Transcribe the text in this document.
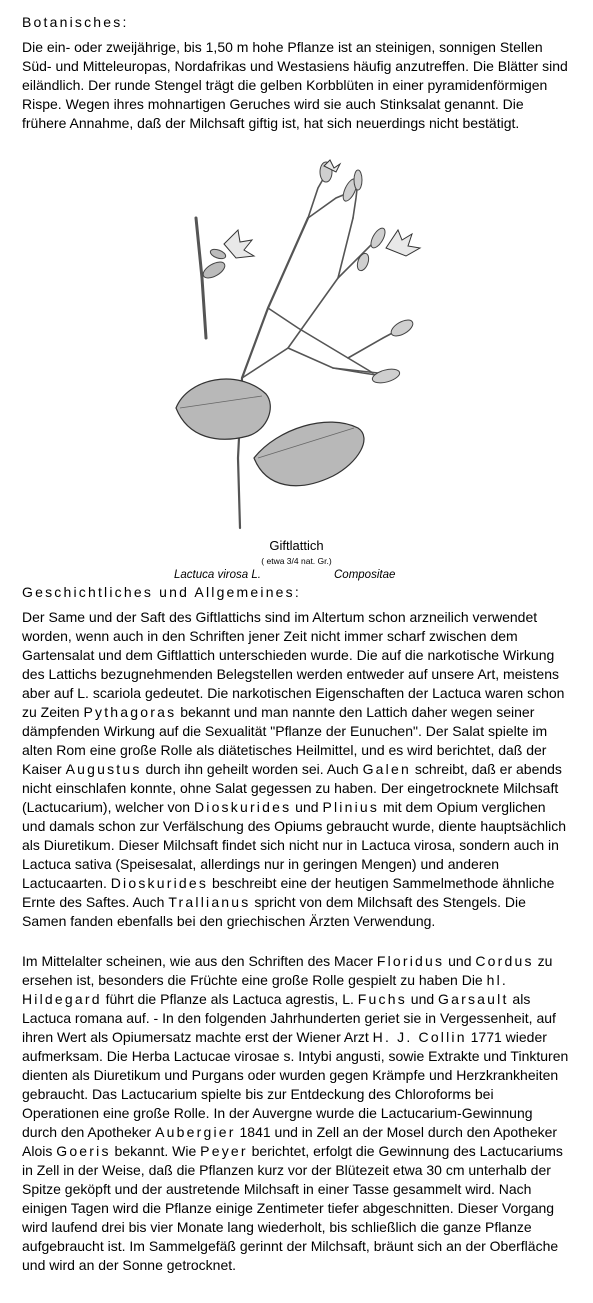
Botanisches:

Die ein- oder zweijährige, bis 1,50 m hohe Pflanze ist an steinigen, sonnigen Stellen Süd- und Mitteleuropas, Nordafrikas und Westasiens häufig anzutreffen. Die Blätter sind eiländlich. Der runde Stengel trägt die gelben Korbblüten in einer pyramidenförmigen Rispe. Wegen ihres mohnartigen Geruches wird sie auch Stinksalat genannt. Die frühere Annahme, daß der Milchsaft giftig ist, hat sich neuerdings nicht bestätigt.

Giftlattich
( etwa 3/4 nat. Gr.)
Lactuca virosa L.	Compositae
Geschichtliches und Allgemeines:

Der Same und der Saft des Giftlattichs sind im Altertum schon arzneilich verwendet worden, wenn auch in den Schriften jener Zeit nicht immer scharf zwischen dem Gartensalat und dem Giftlattich unterschieden wurde. Die auf die narkotische Wirkung des Lattichs bezugnehmenden Belegstellen werden entweder auf unsere Art, meistens aber auf L. scariola gedeutet. Die narkotischen Eigenschaften der Lactuca waren schon zu Zeiten Pythagoras bekannt und man nannte den Lattich daher wegen seiner dämpfenden Wirkung auf die Sexualität "Pflanze der Eunuchen". Der Salat spielte im alten Rom eine große Rolle als diätetisches Heilmittel, und es wird berichtet, daß der Kaiser Augustus durch ihn geheilt worden sei. Auch Galen schreibt, daß er abends nicht einschlafen konnte, ohne Salat gegessen zu haben. Der eingetrocknete Milchsaft (Lactucarium), welcher von Dioskurides und Plinius mit dem Opium verglichen und damals schon zur Verfälschung des Opiums gebraucht wurde, diente hauptsächlich als Diuretikum. Dieser Milchsaft findet sich nicht nur in Lactuca virosa, sondern auch in Lactuca sativa (Speisesalat, allerdings nur in geringen Mengen) und anderen Lactucaarten. Dioskurides beschreibt eine der heutigen Sammelmethode ähnliche Ernte des Saftes. Auch Trallianus spricht von dem Milchsaft des Stengels. Die Samen fanden ebenfalls bei den griechischen Ärzten Verwendung.

Im Mittelalter scheinen, wie aus den Schriften des Macer Floridus und Cordus zu ersehen ist, besonders die Früchte eine große Rolle gespielt zu haben Die hl. Hildegard führt die Pflanze als Lactuca agrestis, L. Fuchs und Garsault als Lactuca romana auf. - In den folgenden Jahrhunderten geriet sie in Vergessenheit, auf ihren Wert als Opiumersatz machte erst der Wiener Arzt H. J. Collin 1771 wieder aufmerksam. Die Herba Lactucae virosae s. Intybi angusti, sowie Extrakte und Tinkturen dienten als Diuretikum und Purgans oder wurden gegen Krämpfe und Herzkrankheiten gebraucht. Das Lactucarium spielte bis zur Entdeckung des Chloroforms bei Operationen eine große Rolle. In der Auvergne wurde die Lactucarium-Gewinnung durch den Apotheker Aubergier 1841 und in Zell an der Mosel durch den Apotheker Alois Goeris bekannt. Wie Peyer berichtet, erfolgt die Gewinnung des Lactucariums in Zell in der Weise, daß die Pflanzen kurz vor der Blütezeit etwa 30 cm unterhalb der Spitze geköpft und der austretende Milchsaft in einer Tasse gesammelt wird. Nach einigen Tagen wird die Pflanze einige Zentimeter tiefer abgeschnitten. Dieser Vorgang wird laufend drei bis vier Monate lang wiederholt, bis schließlich die ganze Pflanze aufgebraucht ist. Im Sammelgefäß gerinnt der Milchsaft, bräunt sich an der Oberfläche und wird an der Sonne getrocknet.
